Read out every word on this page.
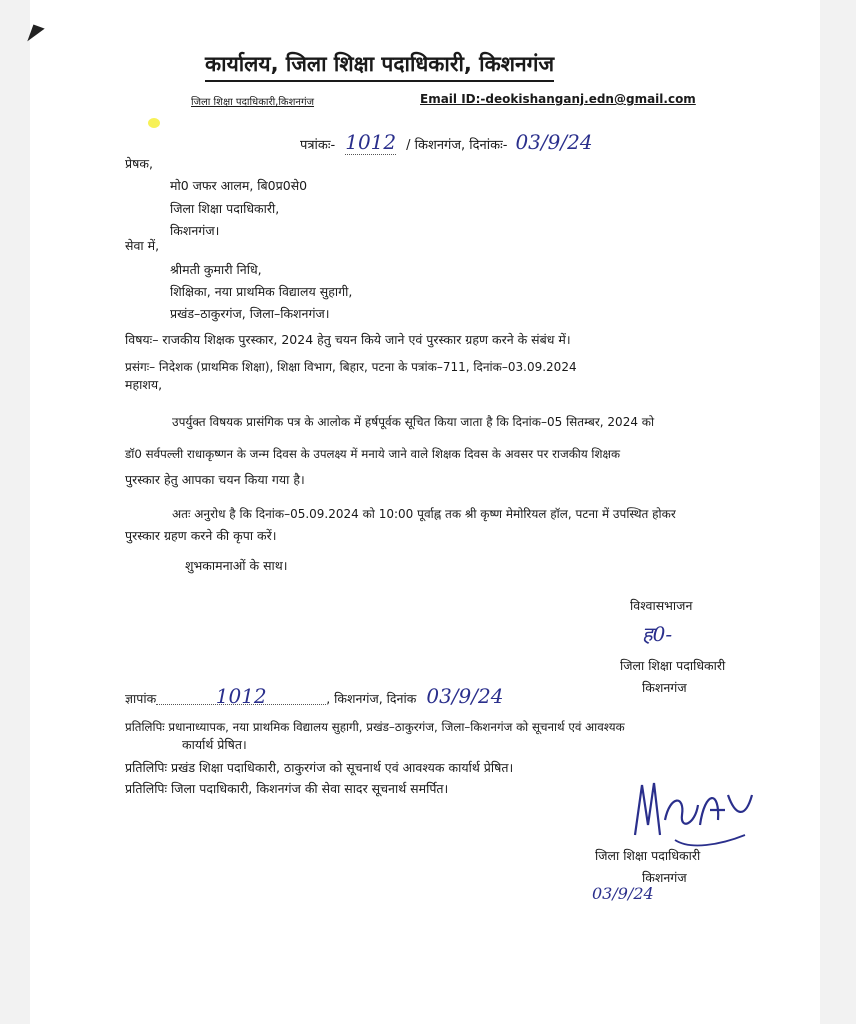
कार्यालय, जिला शिक्षा पदाधिकारी, किशनगंज
जिला शिक्षा पदाधिकारी,किशनगंज	Email ID:-deokishanganj.edn@gmail.com
पत्रांकः- 1012 / किशनगंज, दिनांकः- 03/9/24
प्रेषक,
मो0 जफर आलम, बि0प्र0से0
जिला शिक्षा पदाधिकारी,
किशनगंज।
सेवा में,
श्रीमती कुमारी निधि,
शिक्षिका, नया प्राथमिक विद्यालय सुहागी,
प्रखंड–ठाकुरगंज, जिला–किशनगंज।
विषयः– राजकीय शिक्षक पुरस्कार, 2024 हेतु चयन किये जाने एवं पुरस्कार ग्रहण करने के संबंध में।
प्रसंगः– निदेशक (प्राथमिक शिक्षा), शिक्षा विभाग, बिहार, पटना के पत्रांक–711, दिनांक–03.09.2024
महाशय,
उपर्युक्त विषयक प्रासंगिक पत्र के आलोक में हर्षपूर्वक सूचित किया जाता है कि दिनांक–05 सितम्बर, 2024 को
डॉ0 सर्वपल्ली राधाकृष्णन के जन्म दिवस के उपलक्ष्य में मनाये जाने वाले शिक्षक दिवस के अवसर पर राजकीय शिक्षक
पुरस्कार हेतु आपका चयन किया गया है।
अतः अनुरोध है कि दिनांक–05.09.2024 को 10:00 पूर्वाह्न तक श्री कृष्ण मेमोरियल हॉल, पटना में उपस्थित होकर
पुरस्कार ग्रहण करने की कृपा करें।
शुभकामनाओं के साथ।
विश्वासभाजन
ह0-
जिला शिक्षा पदाधिकारी
किशनगंज
ज्ञापांक	1012	, किशनगंज, दिनांक 03/9/24
प्रतिलिपिः प्रधानाध्यापक, नया प्राथमिक विद्यालय सुहागी, प्रखंड–ठाकुरगंज, जिला–किशनगंज को सूचनार्थ एवं आवश्यक
कार्यार्थ प्रेषित।
प्रतिलिपिः प्रखंड शिक्षा पदाधिकारी, ठाकुरगंज को सूचनार्थ एवं आवश्यक कार्यार्थ प्रेषित।
प्रतिलिपिः जिला पदाधिकारी, किशनगंज की सेवा सादर सूचनार्थ समर्पित।
जिला शिक्षा पदाधिकारी
किशनगंज
03/9/24
